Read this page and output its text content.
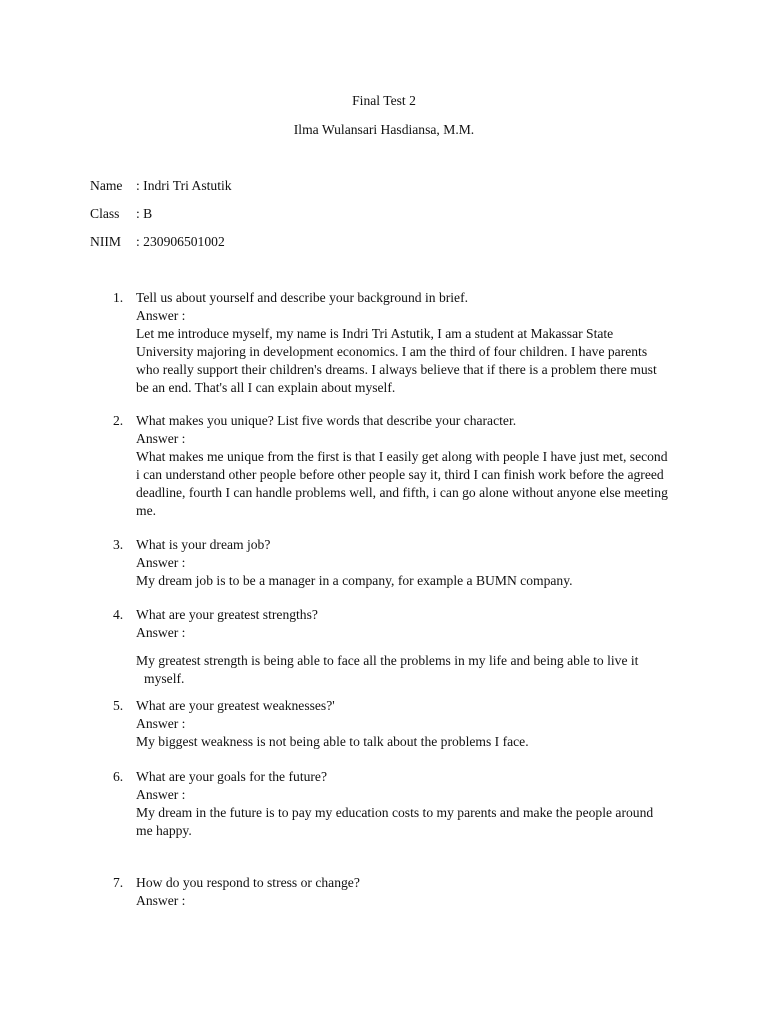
Final Test 2
Ilma Wulansari Hasdiansa, M.M.
Name : Indri Tri Astutik
Class : B
NIIM : 230906501002
1. Tell us about yourself and describe your background in brief.

Answer :

Let me introduce myself, my name is Indri Tri Astutik, I am a student at Makassar State

University majoring in development economics. I am the third of four children. I have parents

who really support their children's dreams. I always believe that if there is a problem there must

be an end. That's all I can explain about myself.

2. What makes you unique? List five words that describe your character.

Answer :

What makes me unique from the first is that I easily get along with people I have just met, second

i can understand other people before other people say it, third I can finish work before the agreed

deadline, fourth I can handle problems well, and fifth, i can go alone without anyone else meeting

me.

3. What is your dream job?

Answer :

My dream job is to be a manager in a company, for example a BUMN company.

4. What are your greatest strengths?

Answer :

My greatest strength is being able to face all the problems in my life and being able to live it

myself.

5. What are your greatest weaknesses?'

Answer :

My biggest weakness is not being able to talk about the problems I face.

6. What are your goals for the future?

Answer :

My dream in the future is to pay my education costs to my parents and make the people around

me happy.

7. How do you respond to stress or change?

Answer :
